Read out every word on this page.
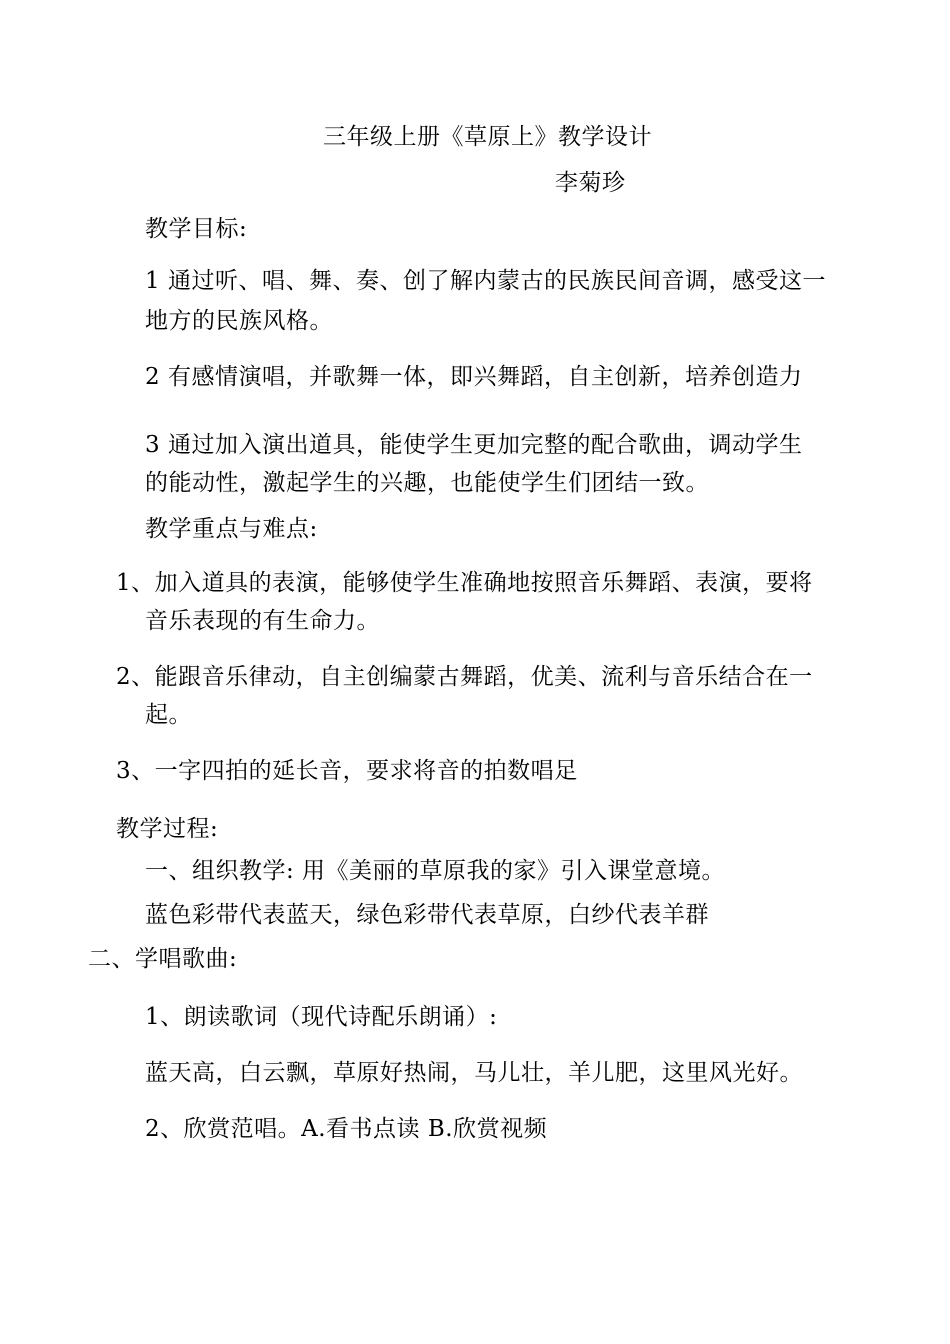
三年级上册《草原上》教学设计
李菊珍
教学目标:
1 通过听、唱、舞、奏、创了解内蒙古的民族民间音调，感受这一
地方的民族风格。
2 有感情演唱，并歌舞一体，即兴舞蹈，自主创新，培养创造力
3 通过加入演出道具，能使学生更加完整的配合歌曲，调动学生
的能动性，激起学生的兴趣，也能使学生们团结一致。
教学重点与难点:
1、加入道具的表演，能够使学生准确地按照音乐舞蹈、表演，要将
音乐表现的有生命力。
2、能跟音乐律动，自主创编蒙古舞蹈，优美、流利与音乐结合在一
起。
3、一字四拍的延长音，要求将音的拍数唱足
教学过程:
一、组织教学: 用《美丽的草原我的家》引入课堂意境。
蓝色彩带代表蓝天，绿色彩带代表草原，白纱代表羊群
二、学唱歌曲:
1、朗读歌词（现代诗配乐朗诵）:
蓝天高，白云飘，草原好热闹，马儿壮，羊儿肥，这里风光好。
2、欣赏范唱。A.看书点读 B.欣赏视频
